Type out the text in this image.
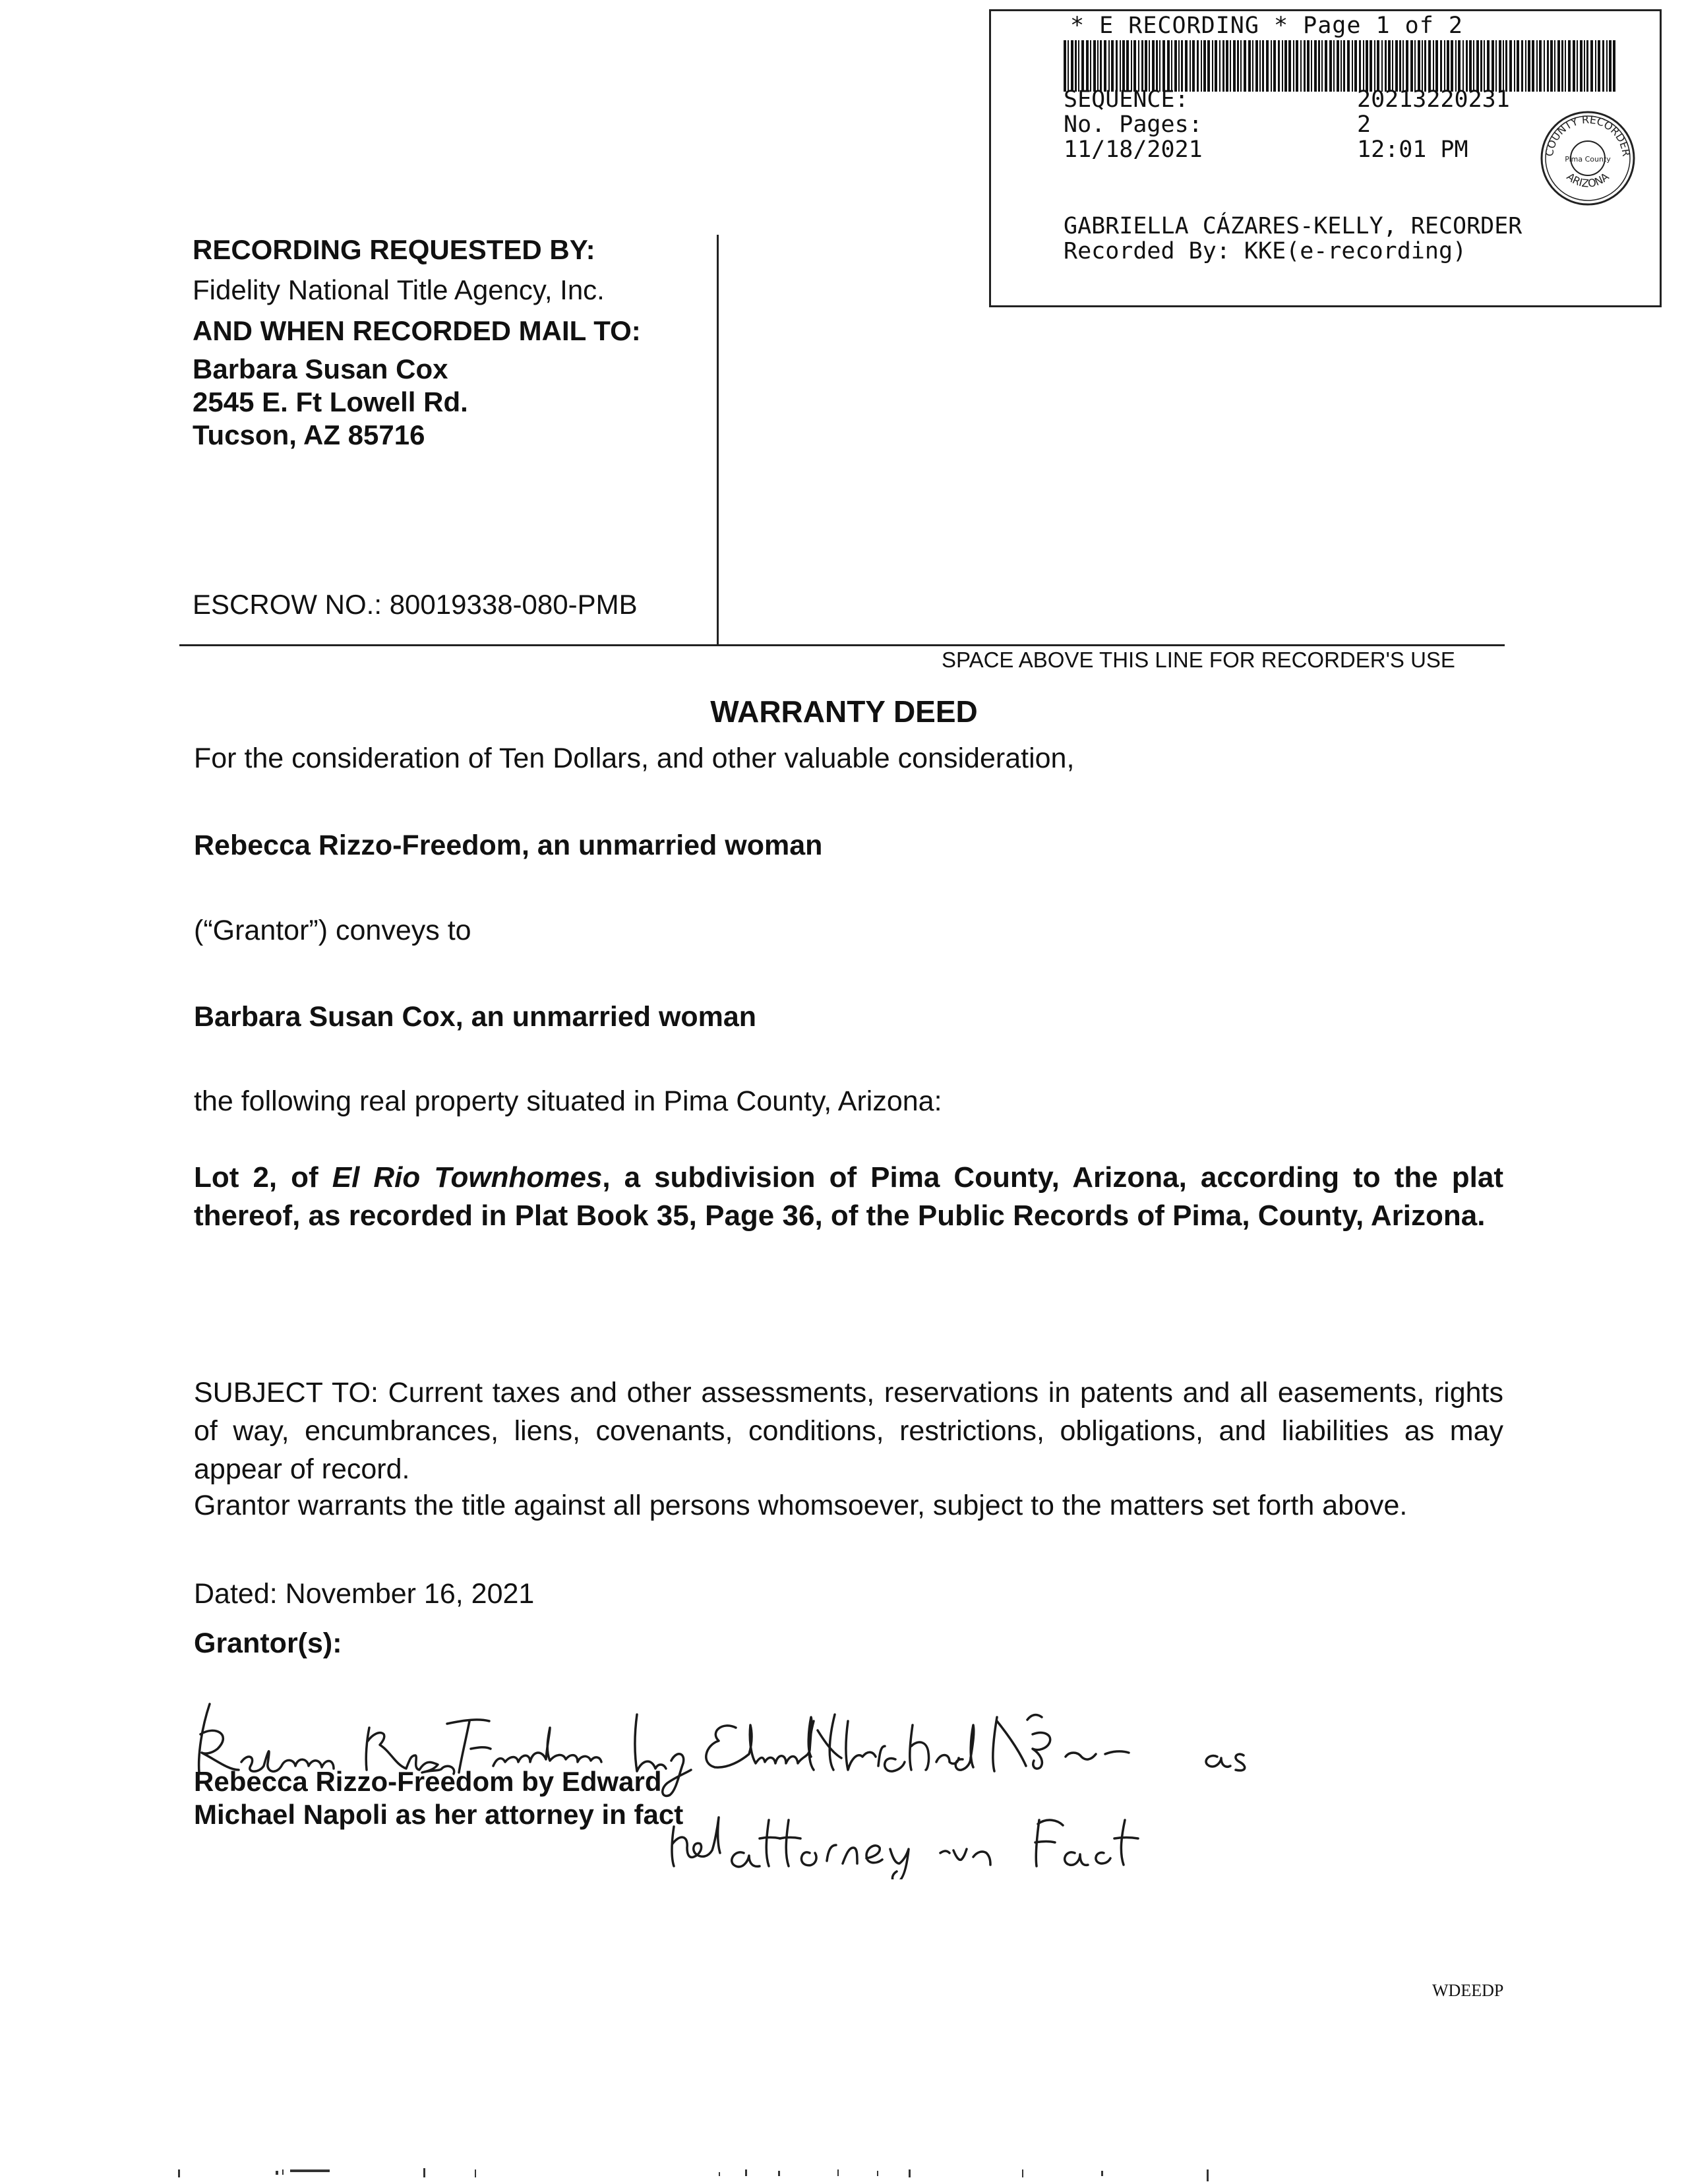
* E RECORDING * Page 1 of 2
SEQUENCE:	20213220231
No. Pages:	2
11/18/2021	12:01 PM	COUNTY RECORDER
ARIZONA
Pima County
GABRIELLA CÁZARES-KELLY, RECORDER
Recorded By: KKE(e-recording)
RECORDING REQUESTED BY:
Fidelity National Title Agency, Inc.
AND WHEN RECORDED MAIL TO:
Barbara Susan Cox
2545 E. Ft Lowell Rd.
Tucson, AZ 85716
ESCROW NO.: 80019338-080-PMB
SPACE ABOVE THIS LINE FOR RECORDER'S USE
WARRANTY DEED
For the consideration of Ten Dollars, and other valuable consideration,
Rebecca Rizzo-Freedom, an unmarried woman
(“Grantor”) conveys to
Barbara Susan Cox, an unmarried woman
the following real property situated in Pima County, Arizona:
Lot 2, of El Rio Townhomes, a subdivision of Pima County, Arizona, according to the plat thereof, as recorded in Plat Book 35, Page 36, of the Public Records of Pima, County, Arizona.
SUBJECT TO: Current taxes and other assessments, reservations in patents and all easements, rights of way, encumbrances, liens, covenants, conditions, restrictions, obligations, and liabilities as may appear of record.
Grantor warrants the title against all persons whomsoever, subject to the matters set forth above.
Dated: November 16, 2021
Grantor(s):
Rebecca Rizzo-Freedom by Edward
Michael Napoli as her attorney in fact
WDEEDP
